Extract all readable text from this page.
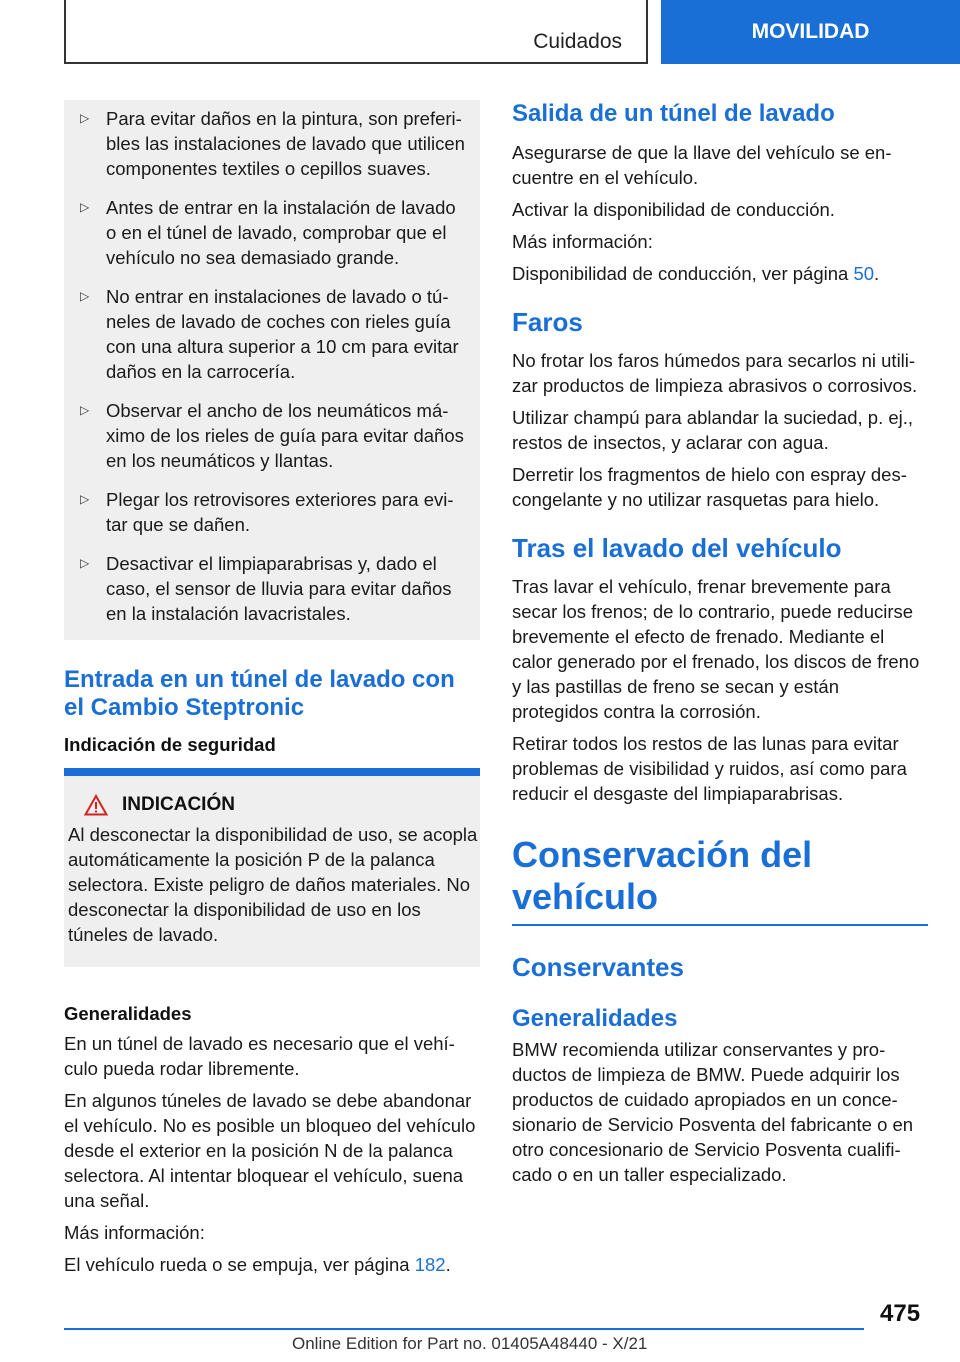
Cuidados	MOVILIDAD
▷ Para evitar daños en la pintura, son preferibles las instalaciones de lavado que utilicen componentes textiles o cepillos suaves.
▷ Antes de entrar en la instalación de lavado o en el túnel de lavado, comprobar que el vehículo no sea demasiado grande.
▷ No entrar en instalaciones de lavado o túneles de lavado de coches con rieles guía con una altura superior a 10 cm para evitar daños en la carrocería.
▷ Observar el ancho de los neumáticos máximo de los rieles de guía para evitar daños en los neumáticos y llantas.
▷ Plegar los retrovisores exteriores para evitar que se dañen.
▷ Desactivar el limpiaparabrisas y, dado el caso, el sensor de lluvia para evitar daños en la instalación lavacristales.
Entrada en un túnel de lavado con el Cambio Steptronic
Indicación de seguridad
INDICACIÓN
Al desconectar la disponibilidad de uso, se acopla automáticamente la posición P de la palanca selectora. Existe peligro de daños materiales. No desconectar la disponibilidad de uso en los túneles de lavado.
Generalidades

En un túnel de lavado es necesario que el vehículo pueda rodar libremente.

En algunos túneles de lavado se debe abandonar el vehículo. No es posible un bloqueo del vehículo desde el exterior en la posición N de la palanca selectora. Al intentar bloquear el vehículo, suena una señal.

Más información:

El vehículo rueda o se empuja, ver página 182.

Salida de un túnel de lavado

Asegurarse de que la llave del vehículo se encuentre en el vehículo.

Activar la disponibilidad de conducción.

Más información:

Disponibilidad de conducción, ver página 50.

Faros

No frotar los faros húmedos para secarlos ni utilizar productos de limpieza abrasivos o corrosivos.

Utilizar champú para ablandar la suciedad, p. ej., restos de insectos, y aclarar con agua.

Derretir los fragmentos de hielo con espray descongelante y no utilizar rasquetas para hielo.

Tras el lavado del vehículo

Tras lavar el vehículo, frenar brevemente para secar los frenos; de lo contrario, puede reducirse brevemente el efecto de frenado. Mediante el calor generado por el frenado, los discos de freno y las pastillas de freno se secan y están protegidos contra la corrosión.

Retirar todos los restos de las lunas para evitar problemas de visibilidad y ruidos, así como para reducir el desgaste del limpiaparabrisas.

Conservación del vehículo
Conservantes
Generalidades

BMW recomienda utilizar conservantes y productos de limpieza de BMW. Puede adquirir los productos de cuidado apropiados en un concesionario de Servicio Posventa del fabricante o en otro concesionario de Servicio Posventa cualificado o en un taller especializado.

475
Online Edition for Part no. 01405A48440 - X/21
